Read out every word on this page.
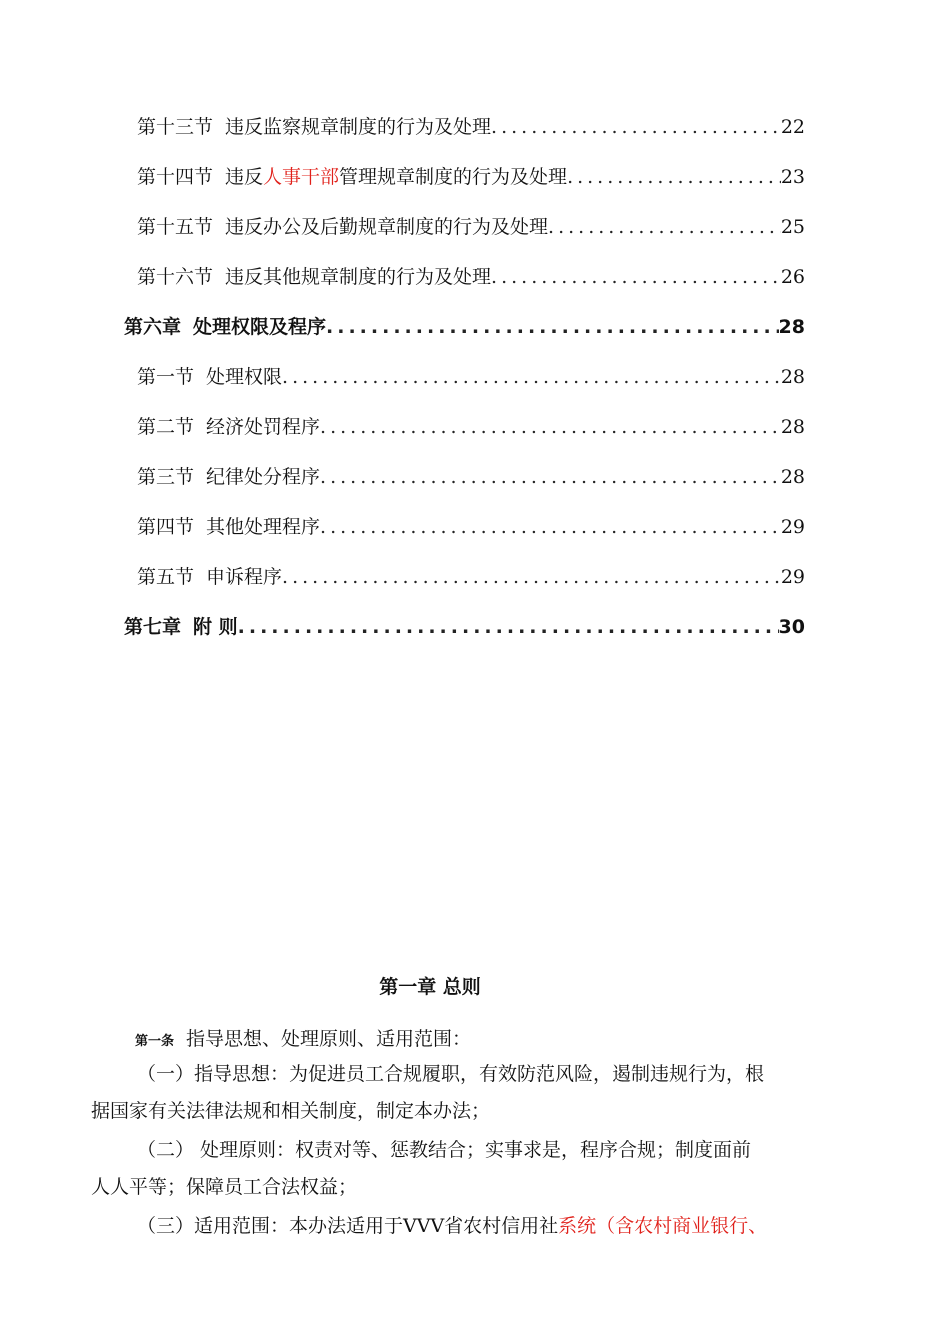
第十三节 违反监察规章制度的行为及处理 .....	22
第十四节 违反人事干部管理规章制度的行为及处理 .....	23
第十五节 违反办公及后勤规章制度的行为及处理 .....	25
第十六节 违反其他规章制度的行为及处理 .....	26
第六章 处理权限及程序 .....	28
第一节 处理权限 .....	28
第二节 经济处罚程序 .....	28
第三节 纪律处分程序 .....	28
第四节 其他处理程序 .....	29
第五节 申诉程序 .....	29
第七章 附 则 .....	30
第一章 总则
第一条 指导思想、处理原则、适用范围：
（一）指导思想：为促进员工合规履职，有效防范风险，遏制违规行为，根
据国家有关法律法规和相关制度，制定本办法；
（二） 处理原则：权责对等、惩教结合；实事求是，程序合规；制度面前
人人平等；保障员工合法权益；
（三）适用范围：本办法适用于VVV省农村信用社系统（含农村商业银行、
